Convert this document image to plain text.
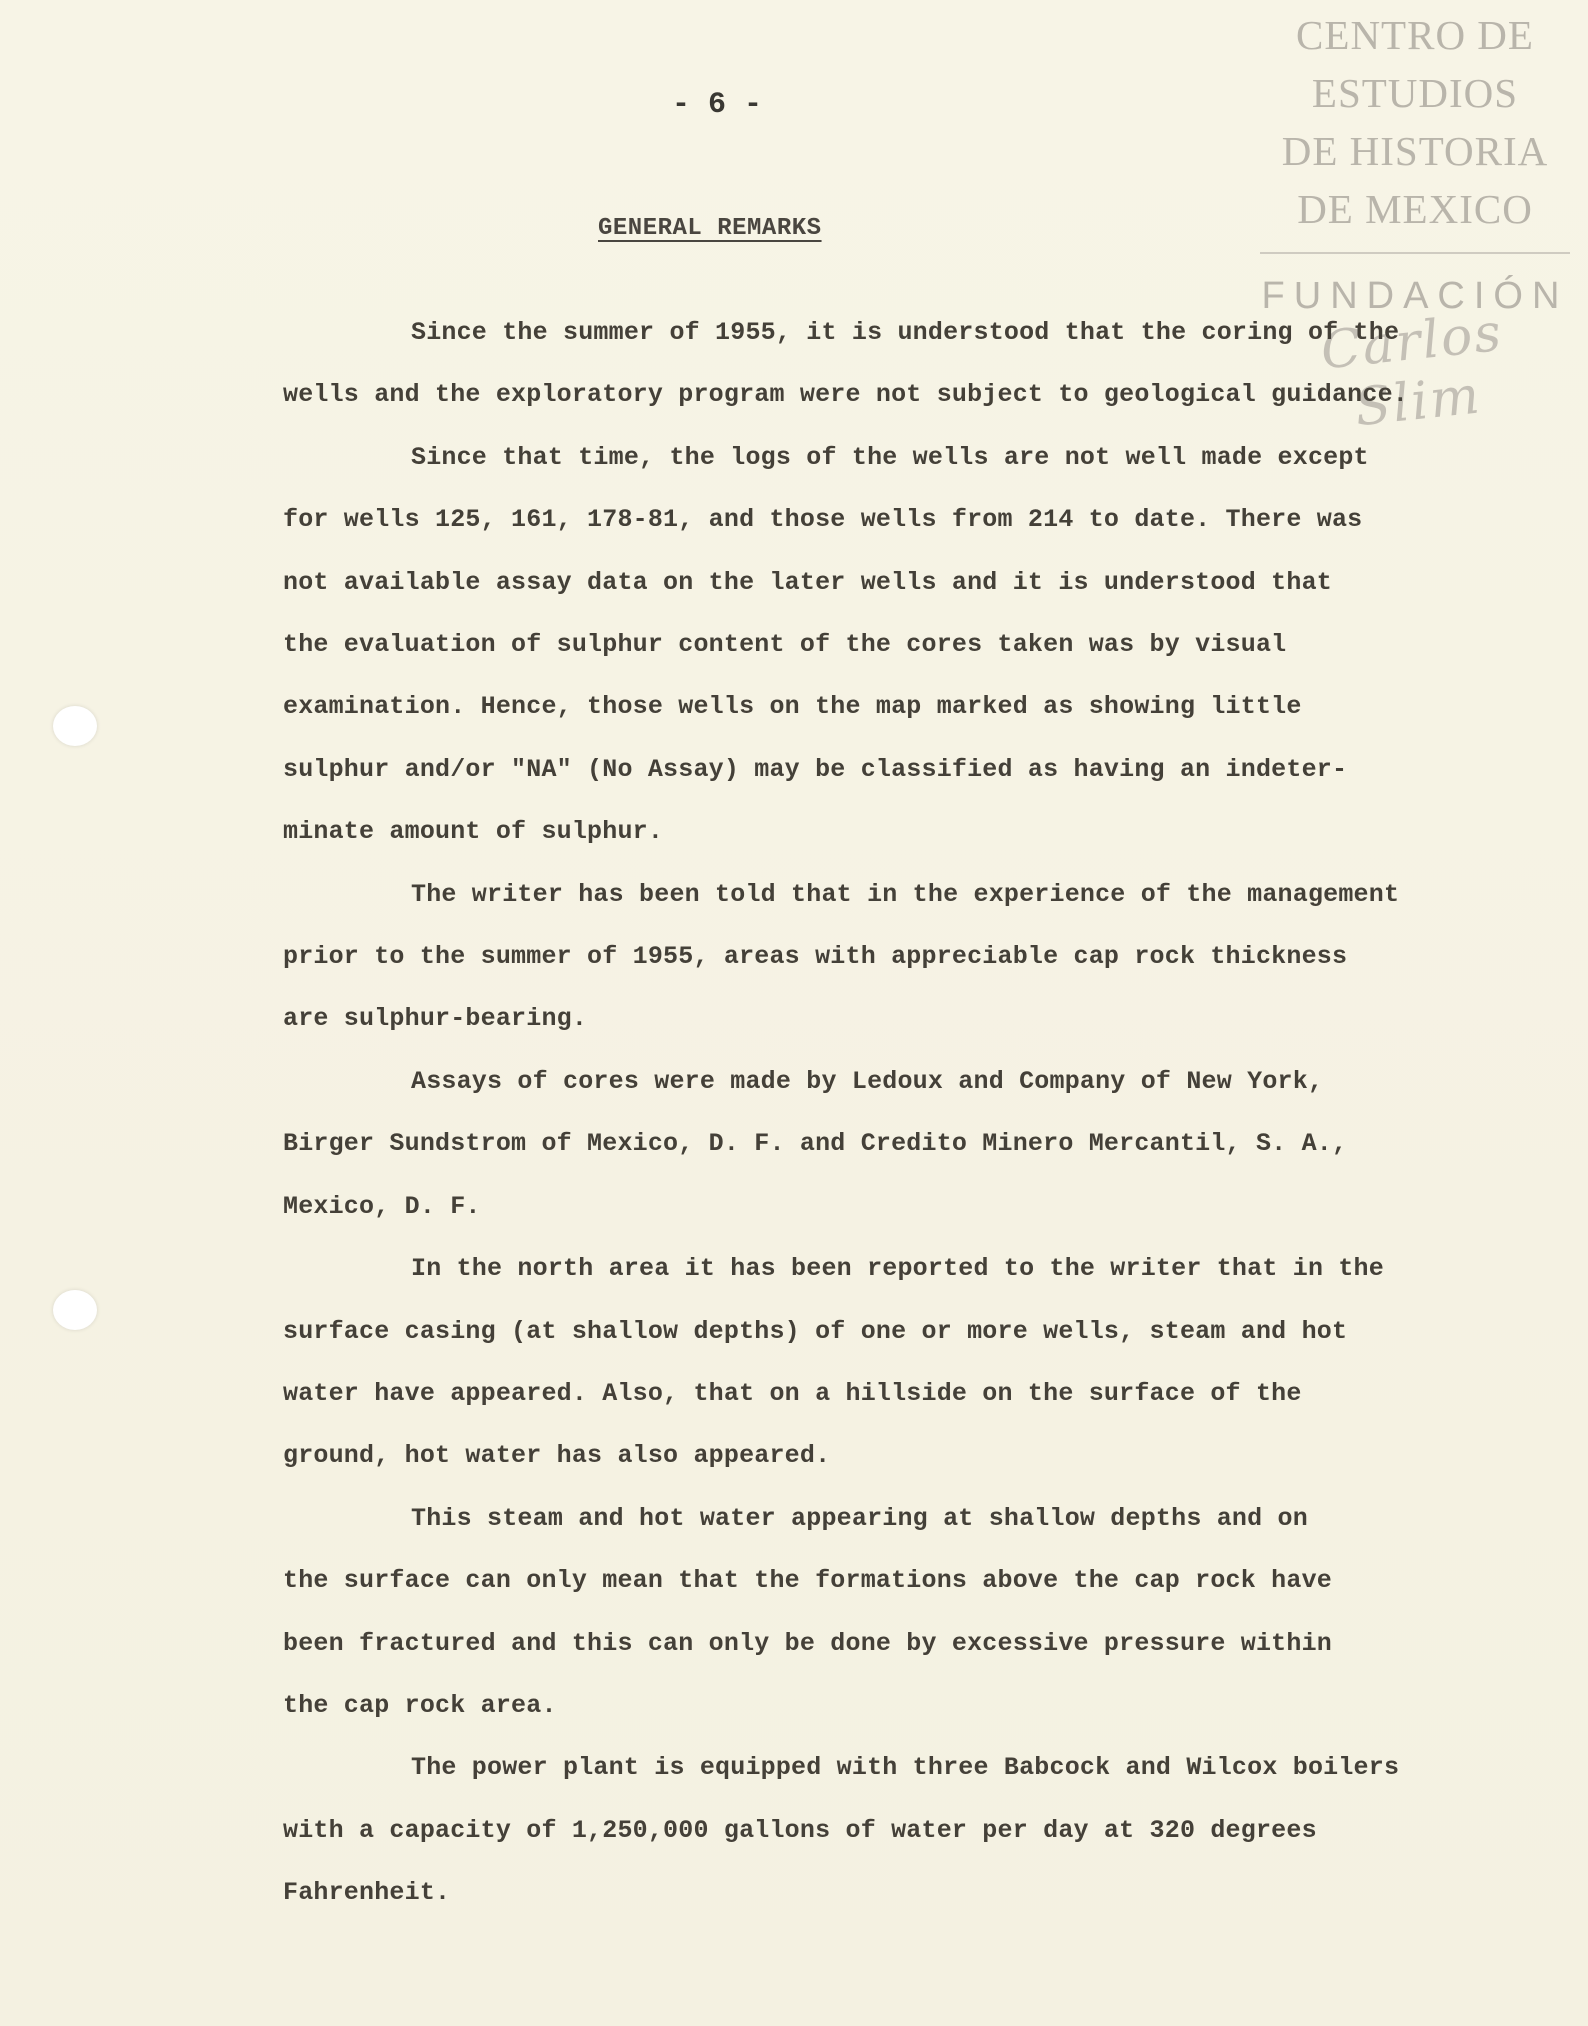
CENTRO DE
ESTUDIOS
DE HISTORIA
DE MEXICO
FUNDACIÓN
Carlos Slim
- 6 -
GENERAL REMARKS

Since the summer of 1955, it is understood that the coring of the

wells and the exploratory program were not subject to geological guidance.

Since that time, the logs of the wells are not well made except

for wells 125, 161, 178-81, and those wells from 214 to date. There was

not available assay data on the later wells and it is understood that

the evaluation of sulphur content of the cores taken was by visual

examination. Hence, those wells on the map marked as showing little

sulphur and/or "NA" (No Assay) may be classified as having an indeter-

minate amount of sulphur.

The writer has been told that in the experience of the management

prior to the summer of 1955, areas with appreciable cap rock thickness

are sulphur-bearing.

Assays of cores were made by Ledoux and Company of New York,

Birger Sundstrom of Mexico, D. F. and Credito Minero Mercantil, S. A.,

Mexico, D. F.

In the north area it has been reported to the writer that in the

surface casing (at shallow depths) of one or more wells, steam and hot

water have appeared. Also, that on a hillside on the surface of the

ground, hot water has also appeared.

This steam and hot water appearing at shallow depths and on

the surface can only mean that the formations above the cap rock have

been fractured and this can only be done by excessive pressure within

the cap rock area.

The power plant is equipped with three Babcock and Wilcox boilers

with a capacity of 1,250,000 gallons of water per day at 320 degrees

Fahrenheit.
